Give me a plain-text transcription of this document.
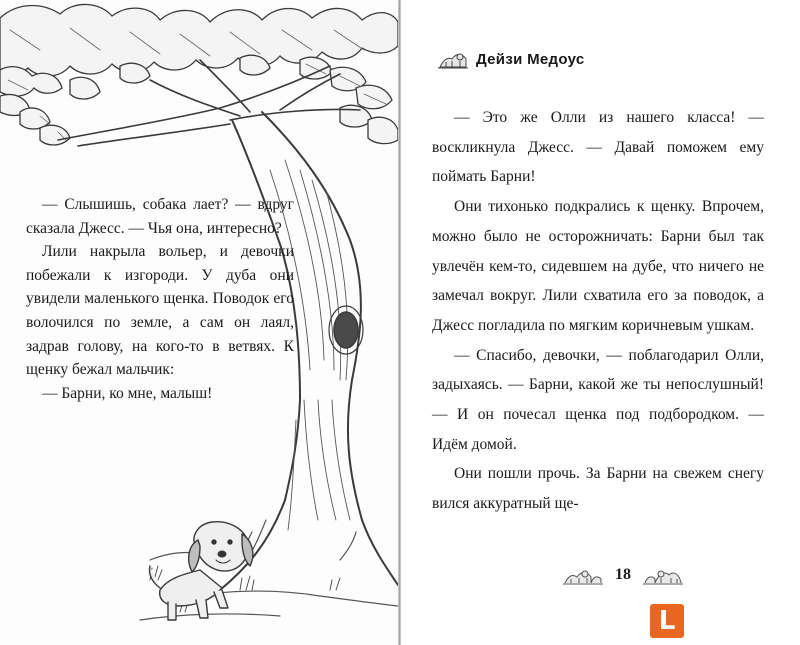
— Слышишь, собака лает? — вдруг сказала Джесс. — Чья она, интересно?

Лили накрыла вольер, и девочки побежали к изгороди. У дуба они увидели маленького щенка. Поводок его волочился по земле, а сам он лаял, задрав голову, на кого-то в ветвях. К щенку бежал мальчик:

— Барни, ко мне, малыш!

Дейзи Медоус

— Это же Олли из нашего класса! — воскликнула Джесс. — Давай поможем ему поймать Барни!

Они тихонько подкрались к щенку. Впрочем, можно было не осторожничать: Барни был так увлечён кем-то, сидевшем на дубе, что ничего не замечал вокруг. Лили схватила его за поводок, а Джесс погладила по мягким коричневым ушкам.

— Спасибо, девочки, — поблагодарил Олли, задыхаясь. — Барни, какой же ты непослушный! — И он почесал щенка под подбородком. — Идём домой.

Они пошли прочь. За Барни на свежем снегу вился аккуратный ще-

18
L
